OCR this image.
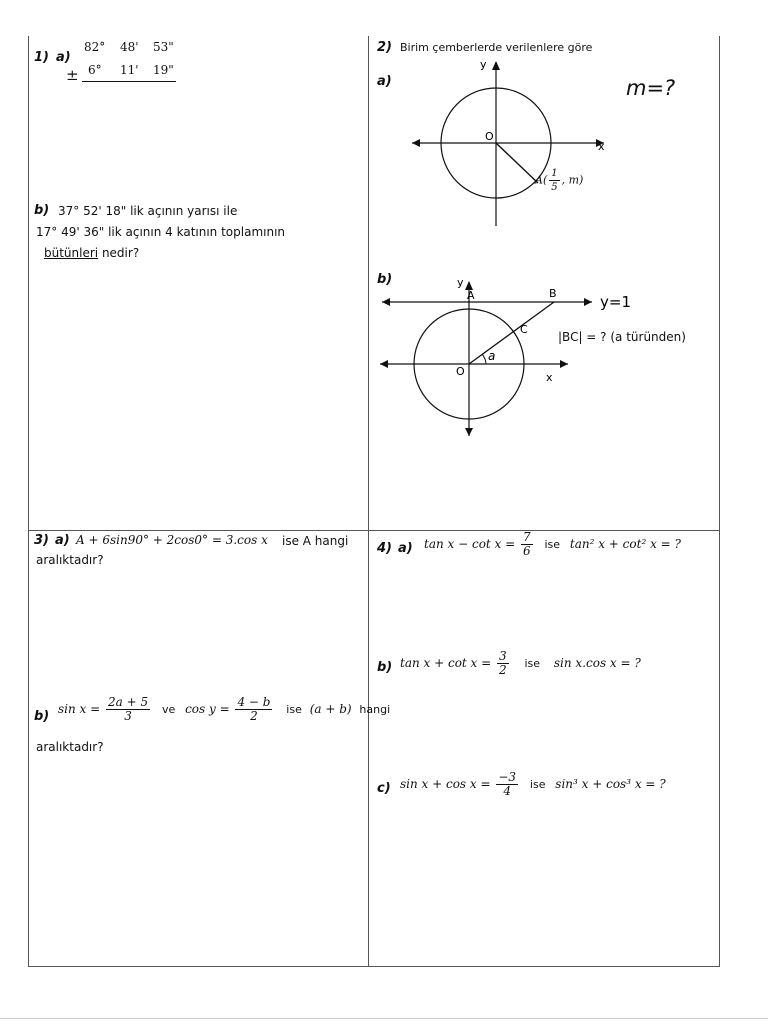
1) a)
82° 48' 53"
± 6° 11' 19"
b) 37° 52' 18" lik açının yarısı ile
17° 49' 36" lik açının 4 katının toplamının
bütünleri nedir?
2) Birim çemberlerde verilenlere göre
a)	m=?
y
x
O
$A( \frac{1}{5}$ , m)
b)	y
x
O
A	B
C
a
y=1
|BC| = ? (a türünden)
3) a) A + 6sin90° + 2cos0° = 3.cos x ise A hangi
aralıktadır?
b) $\sin x = \frac{2a + 5}{3}$ ve $\cos y = \frac{4 - b}{2}$ ise (a + b) hangi
aralıktadır?
4) a) $\tan x - \cot x = \frac{7}{6}$ ise tan² x + cot² x = ?
b) $\tan x + \cot x = \frac{3}{2}$ ise sin x.cos x = ?
c) $\sin x + \cos x = \frac{-3}{4}$ ise sin³ x + cos³ x = ?
